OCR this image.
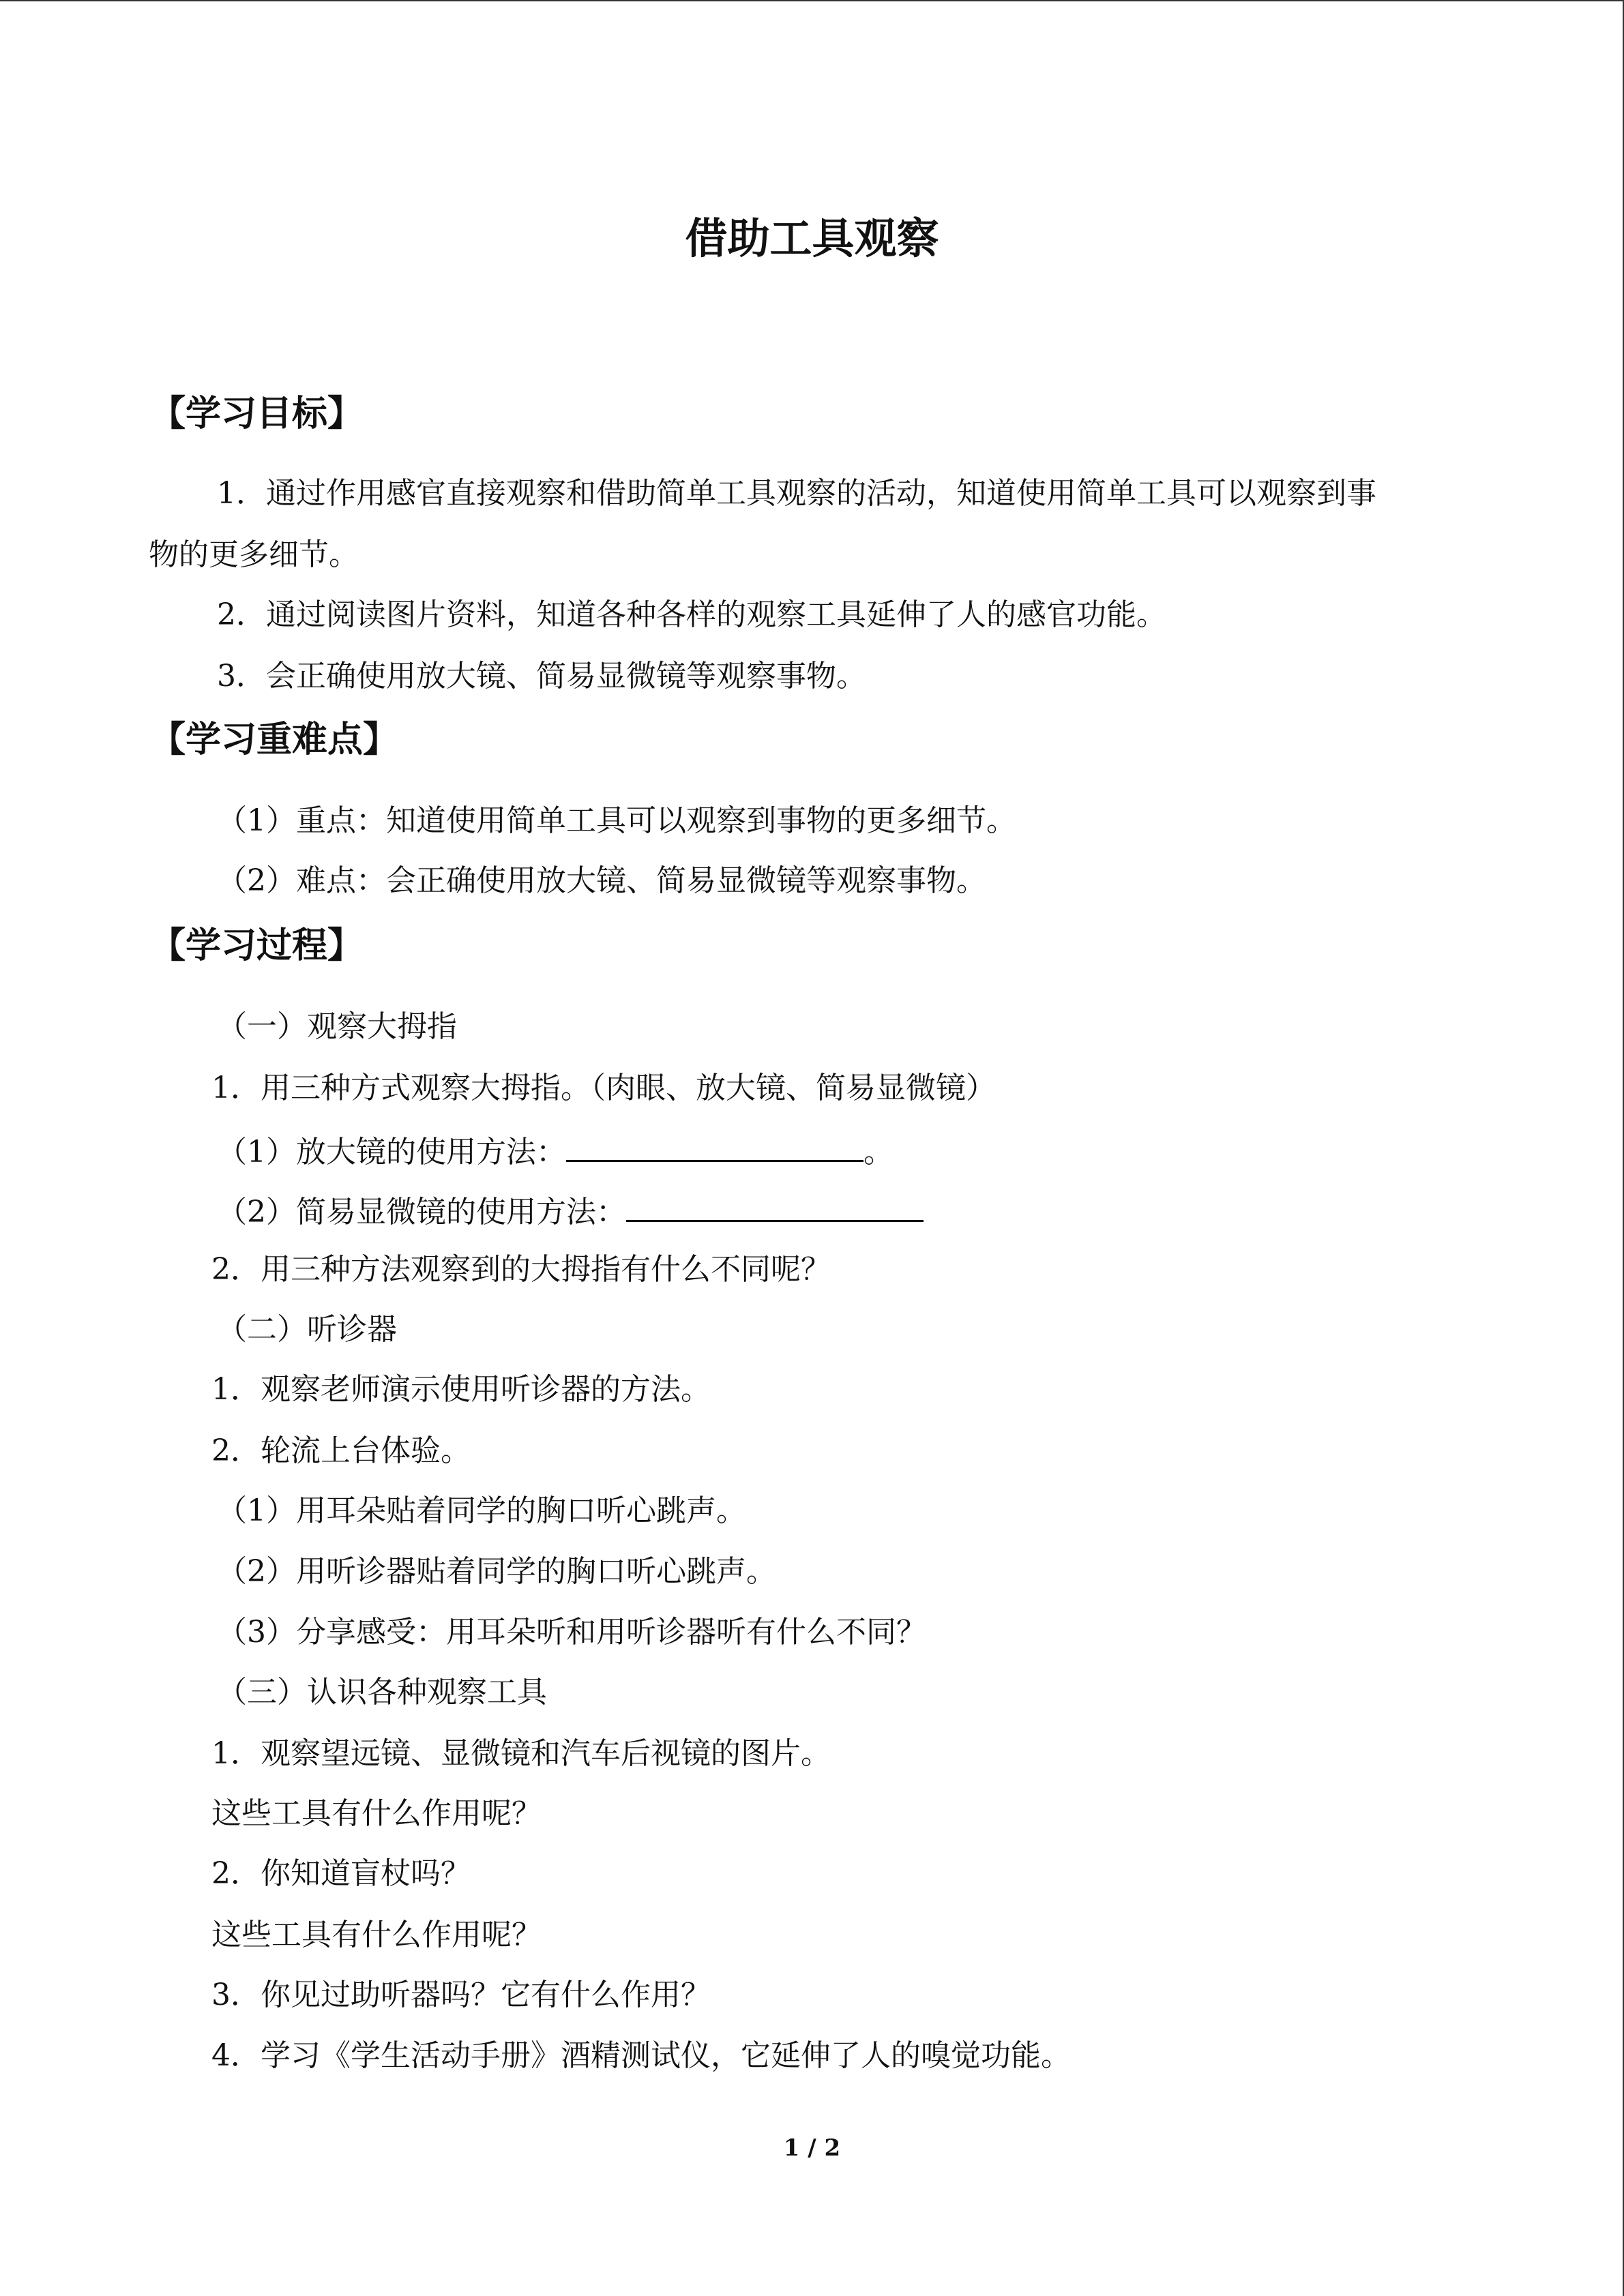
借助工具观察
【学习目标】
1．通过作用感官直接观察和借助简单工具观察的活动，知道使用简单工具可以观察到事
物的更多细节。
2．通过阅读图片资料，知道各种各样的观察工具延伸了人的感官功能。
3．会正确使用放大镜、简易显微镜等观察事物。
【学习重难点】
（1）重点：知道使用简单工具可以观察到事物的更多细节。
（2）难点：会正确使用放大镜、简易显微镜等观察事物。
【学习过程】
（一）观察大拇指
1．用三种方式观察大拇指。（肉眼、放大镜、简易显微镜）
（1）放大镜的使用方法：	。
（2）简易显微镜的使用方法：
2．用三种方法观察到的大拇指有什么不同呢？
（二）听诊器
1．观察老师演示使用听诊器的方法。
2．轮流上台体验。
（1）用耳朵贴着同学的胸口听心跳声。
（2）用听诊器贴着同学的胸口听心跳声。
（3）分享感受：用耳朵听和用听诊器听有什么不同？
（三）认识各种观察工具
1．观察望远镜、显微镜和汽车后视镜的图片。
这些工具有什么作用呢？
2．你知道盲杖吗？
这些工具有什么作用呢？
3．你见过助听器吗？它有什么作用？
4．学习《学生活动手册》酒精测试仪，它延伸了人的嗅觉功能。
1 / 2
